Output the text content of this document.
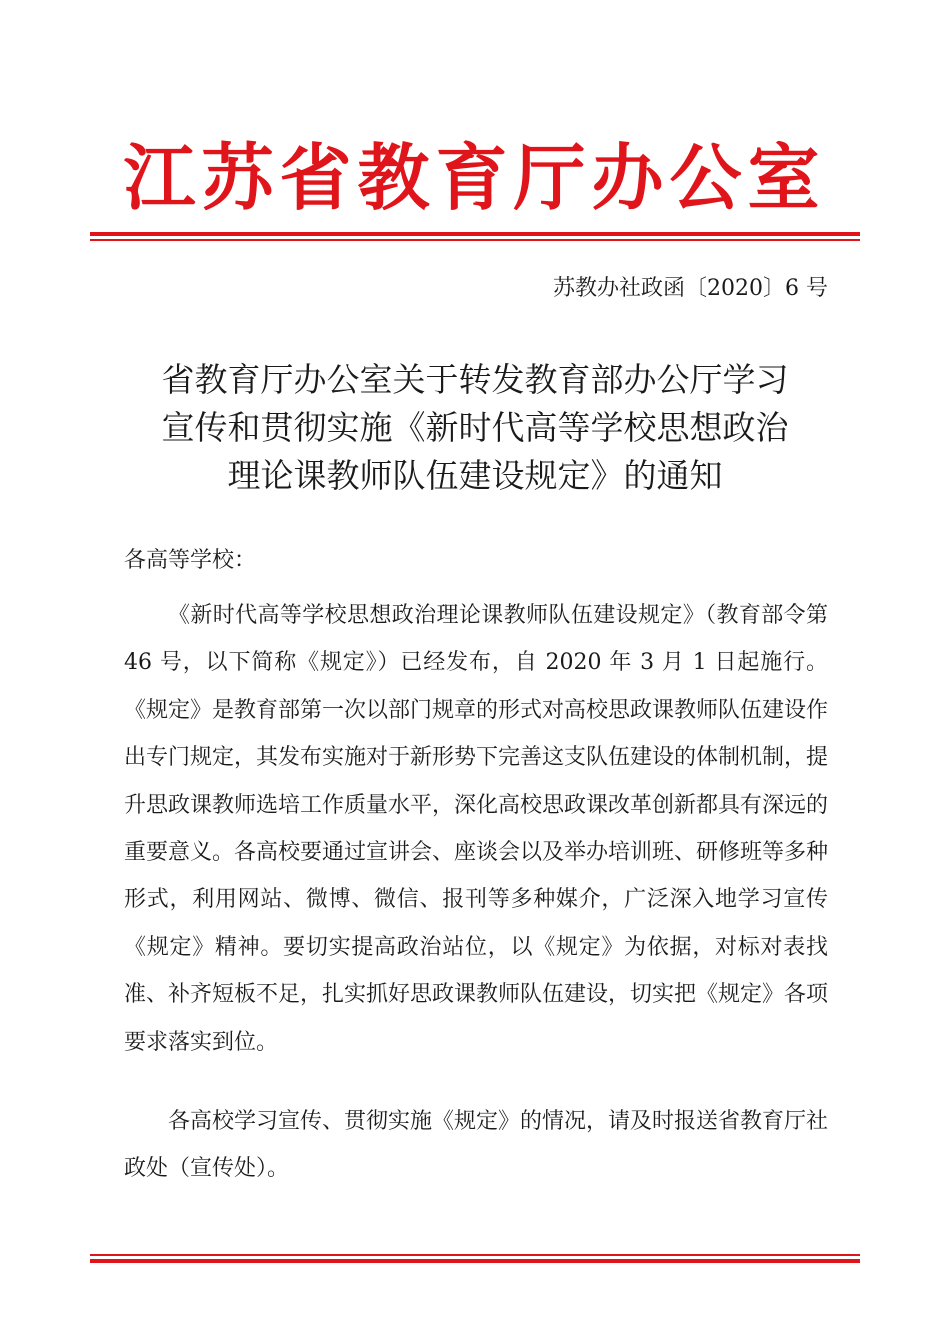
江苏省教育厅办公室
苏教办社政函〔2020〕6 号
省教育厅办公室关于转发教育部办公厅学习
宣传和贯彻实施《新时代高等学校思想政治
理论课教师队伍建设规定》的通知
各高等学校：

《新时代高等学校思想政治理论课教师队伍建设规定》（教育部令第 46 号，以下简称《规定》）已经发布，自 2020 年 3 月 1 日起施行。《规定》是教育部第一次以部门规章的形式对高校思政课教师队伍建设作出专门规定，其发布实施对于新形势下完善这支队伍建设的体制机制，提升思政课教师选培工作质量水平，深化高校思政课改革创新都具有深远的重要意义。各高校要通过宣讲会、座谈会以及举办培训班、研修班等多种形式，利用网站、微博、微信、报刊等多种媒介，广泛深入地学习宣传《规定》精神。要切实提高政治站位，以《规定》为依据，对标对表找准、补齐短板不足，扎实抓好思政课教师队伍建设，切实把《规定》各项要求落实到位。

各高校学习宣传、贯彻实施《规定》的情况，请及时报送省教育厅社政处（宣传处）。
